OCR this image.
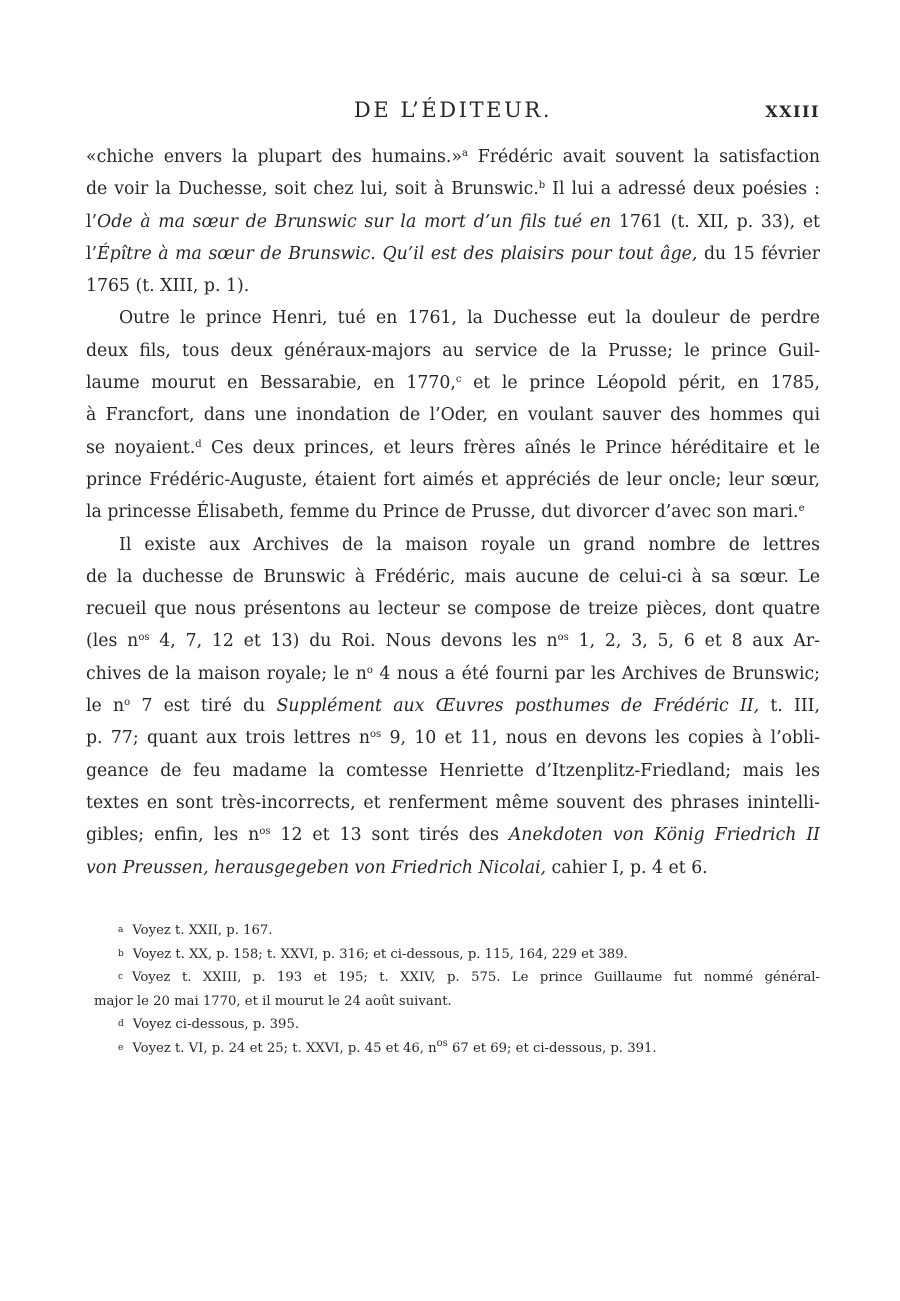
DE L’ÉDITEUR.	XXIII
«chiche envers la plupart des humains.»$^a$ Frédéric avait souvent la satisfaction
de voir la Duchesse, soit chez lui, soit à Brunswic.$^b$ Il lui a adressé deux poésies :
l’Ode à ma sœur de Brunswic sur la mort d’un fils tué en 1761 (t. XII, p. 33), et
l’Épître à ma sœur de Brunswic. Qu’il est des plaisirs pour tout âge, du 15 février
1765 (t. XIII, p. 1).
Outre le prince Henri, tué en 1761, la Duchesse eut la douleur de perdre
deux fils, tous deux généraux-majors au service de la Prusse; le prince Guil-
laume mourut en Bessarabie, en 1770,$^c$ et le prince Léopold périt, en 1785,
à Francfort, dans une inondation de l’Oder, en voulant sauver des hommes qui
se noyaient.$^d$ Ces deux princes, et leurs frères aînés le Prince héréditaire et le
prince Frédéric-Auguste, étaient fort aimés et appréciés de leur oncle; leur sœur,
la princesse Élisabeth, femme du Prince de Prusse, dut divorcer d’avec son mari.$^e$
Il existe aux Archives de la maison royale un grand nombre de lettres
de la duchesse de Brunswic à Frédéric, mais aucune de celui-ci à sa sœur. Le
recueil que nous présentons au lecteur se compose de treize pièces, dont quatre
(les $n^{os}$ 4, 7, 12 et 13) du Roi. Nous devons les $n^{os}$ 1, 2, 3, 5, 6 et 8 aux Ar-
chives de la maison royale; le $n^o$ 4 nous a été fourni par les Archives de Brunswic;
le $n^o$ 7 est tiré du Supplément aux Œuvres posthumes de Frédéric II, t. III,
p. 77; quant aux trois lettres $n^{os}$ 9, 10 et 11, nous en devons les copies à l’obli-
geance de feu madame la comtesse Henriette d’Itzenplitz-Friedland; mais les
textes en sont très-incorrects, et renferment même souvent des phrases inintelli-
gibles; enfin, les $n^{os}$ 12 et 13 sont tirés des Anekdoten von König Friedrich II
von Preussen, herausgegeben von Friedrich Nicolai, cahier I, p. 4 et 6.
a Voyez t. XXII, p. 167.
b Voyez t. XX, p. 158; t. XXVI, p. 316; et ci-dessous, p. 115, 164, 229 et 389.
c Voyez t. XXIII, p. 193 et 195; t. XXIV, p. 575. Le prince Guillaume fut nommé général-
major le 20 mai 1770, et il mourut le 24 août suivant.
d Voyez ci-dessous, p. 395.
e Voyez t. VI, p. 24 et 25; t. XXVI, p. 45 et 46, $n^{os}$ 67 et 69; et ci-dessous, p. 391.
